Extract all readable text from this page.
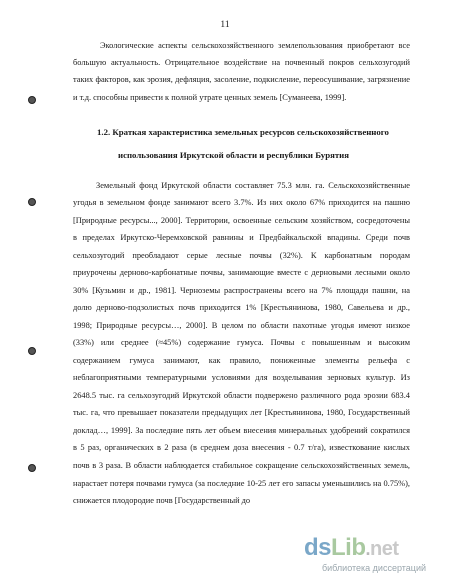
11
Экологические аспекты сельскохозяйственного землепользования приобретают все
большую актуальность. Отрицательное воздействие на почвенный покров сельхозугодий
таких факторов, как эрозия, дефляция, засоление, подкисление, переосушивание, загрязнение
и т.д. способны привести к полной утрате ценных земель [Сyманеева, 1999].
1.2. Краткая характеристика земельных ресурсов сельскохозяйственного
использования Иркутской области и республики Бурятия
Земельный фонд Иркутской области составляет 75.3 млн. га. Сельскохозяйственные
угодья в земельном фонде занимают всего 3.7%. Из них около 67% приходится на пашню
[Природные ресурсы..., 2000]. Территории, освоенные сельским хозяйством, сосредоточены
в пределах Иркутско-Черемховской равнины и Предбайкальской впадины. Среди почв
сельхозугодий преобладают серые лесные почвы (32%). К карбонатным породам
приурочены дерново-карбонатные почвы, занимающие вместе с дерновыми лесными около
30% [Кузьмин и др., 1981]. Черноземы распространены всего на 7% площади пашни, на
долю дерново-подзолистых почв приходится 1% [Крестьянинова, 1980, Савельева и др.,
1998; Природные ресурсы…, 2000]. В целом по области пахотные угодья имеют низкое
(33%) или среднее (≈45%) содержание гумуса. Почвы с повышенным и высоким
содержанием гумуса занимают, как правило, пониженные элементы рельефа с
неблагоприятными температурными условиями для возделывания зерновых культур. Из
2648.5 тыс. га сельхозугодий Иркутской области подвержено различного рода эрозии 683.4
тыс. га, что превышает показатели предыдущих лет [Крестьянинова, 1980, Государственный
доклад…, 1999]. За последние пять лет объем внесения минеральных удобрений сократился
в 5 раз, органических в 2 раза (в среднем доза внесения - 0.7 т/га), известкование кислых
почв в 3 раза. В области наблюдается стабильное сокращение сельскохозяйственных земель,
нарастает потеря почвами гумуса (за последние 10-25 лет его запасы уменьшились на 0.75%),
снижается плодородие почв [Государственный до
dsLib.net
библиотека диссертаций
